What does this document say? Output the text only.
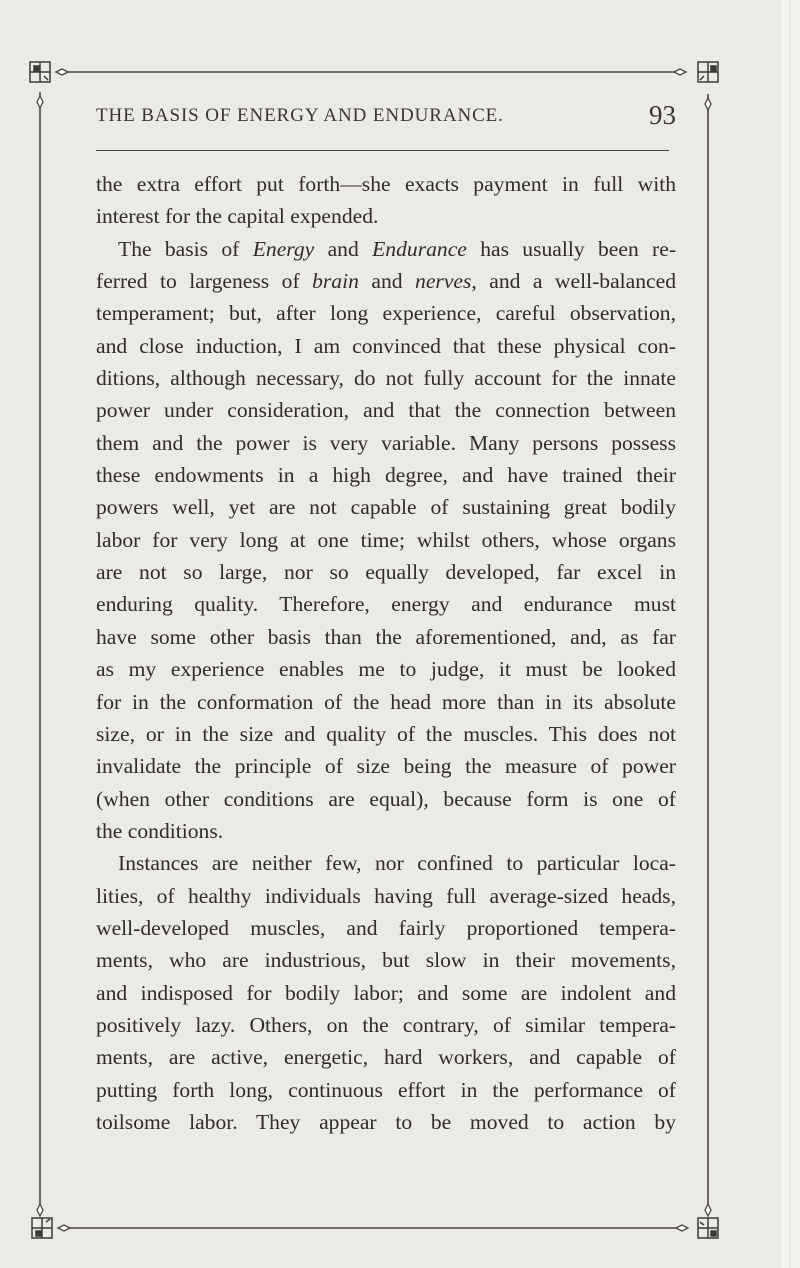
THE BASIS OF ENERGY AND ENDURANCE.	93
the extra effort put forth—she exacts payment in full with
interest for the capital expended.
The basis of Energy and Endurance has usually been re-
ferred to largeness of brain and nerves, and a well-balanced
temperament; but, after long experience, careful observation,
and close induction, I am convinced that these physical con-
ditions, although necessary, do not fully account for the innate
power under consideration, and that the connection between
them and the power is very variable. Many persons possess
these endowments in a high degree, and have trained their
powers well, yet are not capable of sustaining great bodily
labor for very long at one time; whilst others, whose organs
are not so large, nor so equally developed, far excel in
enduring quality. Therefore, energy and endurance must
have some other basis than the aforementioned, and, as far
as my experience enables me to judge, it must be looked
for in the conformation of the head more than in its absolute
size, or in the size and quality of the muscles. This does not
invalidate the principle of size being the measure of power
(when other conditions are equal), because form is one of
the conditions.
Instances are neither few, nor confined to particular loca-
lities, of healthy individuals having full average-sized heads,
well-developed muscles, and fairly proportioned tempera-
ments, who are industrious, but slow in their movements,
and indisposed for bodily labor; and some are indolent and
positively lazy. Others, on the contrary, of similar tempera-
ments, are active, energetic, hard workers, and capable of
putting forth long, continuous effort in the performance of
toilsome labor. They appear to be moved to action by
,
